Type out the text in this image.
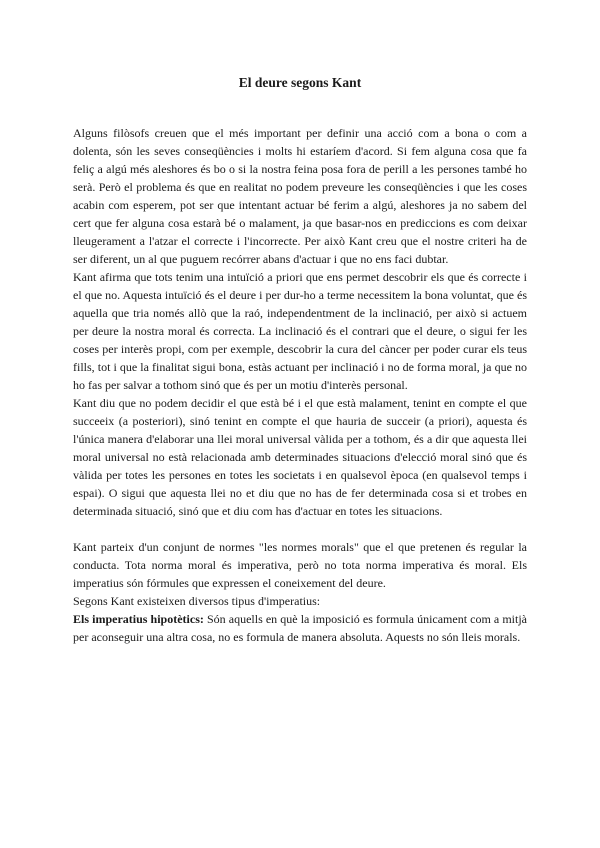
El deure segons Kant

Alguns filòsofs creuen que el més important per definir una acció com a bona o com a dolenta, són les seves conseqüències i molts hi estaríem d'acord. Si fem alguna cosa que fa feliç a algú més aleshores és bo o si la nostra feina posa fora de perill a les persones també ho serà. Però el problema és que en realitat no podem preveure les conseqüències i que les coses acabin com esperem, pot ser que intentant actuar bé ferim a algú, aleshores ja no sabem del cert que fer alguna cosa estarà bé o malament, ja que basar-nos en prediccions es com deixar lleugerament a l'atzar el correcte i l'incorrecte. Per això Kant creu que el nostre criteri ha de ser diferent, un al que puguem recórrer abans d'actuar i que no ens faci dubtar.

Kant afirma que tots tenim una intuïció a priori que ens permet descobrir els que és correcte i el que no. Aquesta intuïció és el deure i per dur-ho a terme necessitem la bona voluntat, que és aquella que tria només allò que la raó, independentment de la inclinació, per això si actuem per deure la nostra moral és correcta. La inclinació és el contrari que el deure, o sigui fer les coses per interès propi, com per exemple, descobrir la cura del càncer per poder curar els teus fills, tot i que la finalitat sigui bona, estàs actuant per inclinació i no de forma moral, ja que no ho fas per salvar a tothom sinó que és per un motiu d'interès personal.

Kant diu que no podem decidir el que està bé i el que està malament, tenint en compte el que succeeix (a posteriori), sinó tenint en compte el que hauria de succeir (a priori), aquesta és l'única manera d'elaborar una llei moral universal vàlida per a tothom, és a dir que aquesta llei moral universal no està relacionada amb determinades situacions d'elecció moral sinó que és vàlida per totes les persones en totes les societats i en qualsevol època (en qualsevol temps i espai). O sigui que aquesta llei no et diu que no has de fer determinada cosa si et trobes en determinada situació, sinó que et diu com has d'actuar en totes les situacions.

Kant parteix d'un conjunt de normes "les normes morals" que el que pretenen és regular la conducta. Tota norma moral és imperativa, però no tota norma imperativa és moral. Els imperatius són fórmules que expressen el coneixement del deure.

Segons Kant existeixen diversos tipus d'imperatius:

Els imperatius hipotètics: Són aquells en què la imposició es formula únicament com a mitjà per aconseguir una altra cosa, no es formula de manera absoluta. Aquests no són lleis morals.
